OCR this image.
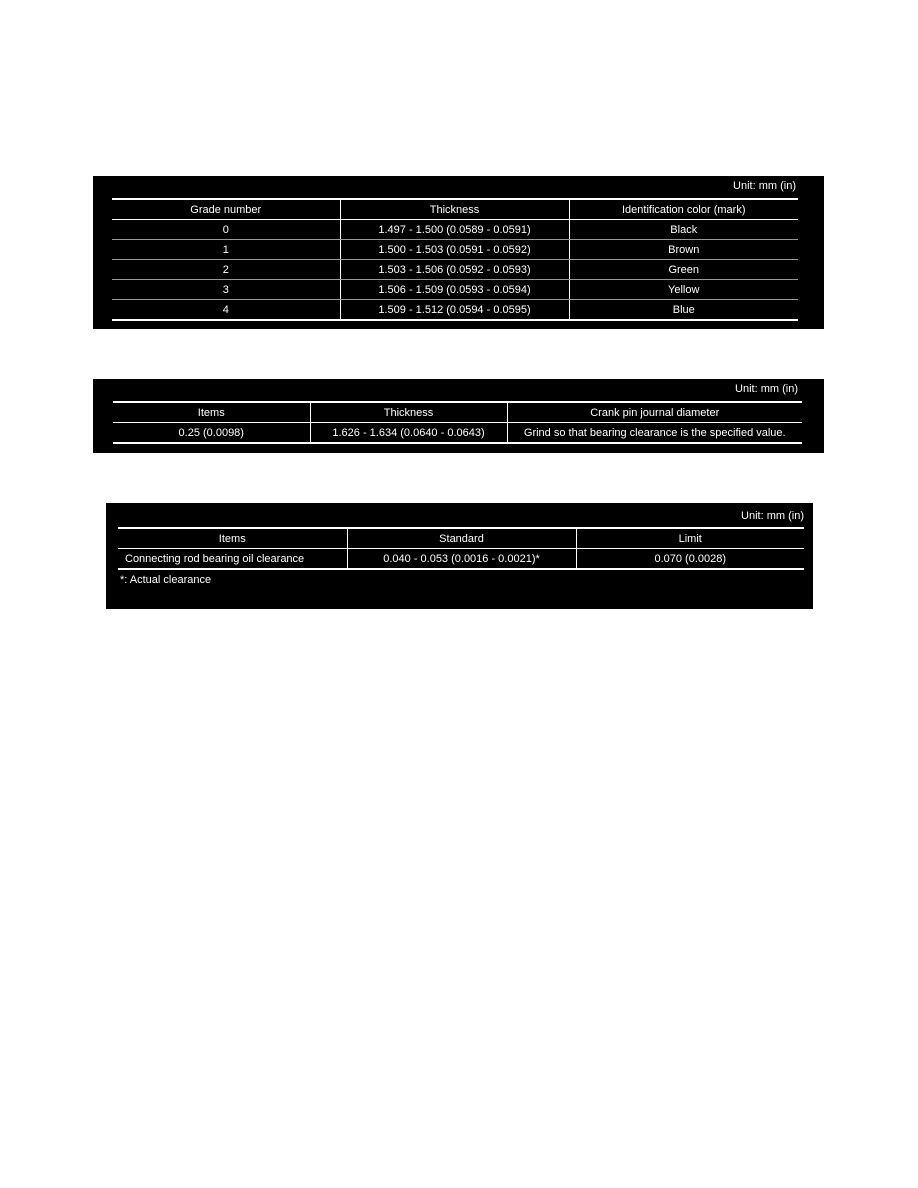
Unit: mm (in)
Grade number	Thickness	Identification color (mark)
0	1.497 - 1.500 (0.0589 - 0.0591)	Black
1	1.500 - 1.503 (0.0591 - 0.0592)	Brown
2	1.503 - 1.506 (0.0592 - 0.0593)	Green
3	1.506 - 1.509 (0.0593 - 0.0594)	Yellow
4	1.509 - 1.512 (0.0594 - 0.0595)	Blue
Unit: mm (in)
Items	Thickness	Crank pin journal diameter
0.25 (0.0098)	1.626 - 1.634 (0.0640 - 0.0643)	Grind so that bearing clearance is the specified value.
Unit: mm (in)
Items	Standard	Limit
Connecting rod bearing oil clearance	0.040 - 0.053 (0.0016 - 0.0021)*	0.070 (0.0028)
*: Actual clearance
